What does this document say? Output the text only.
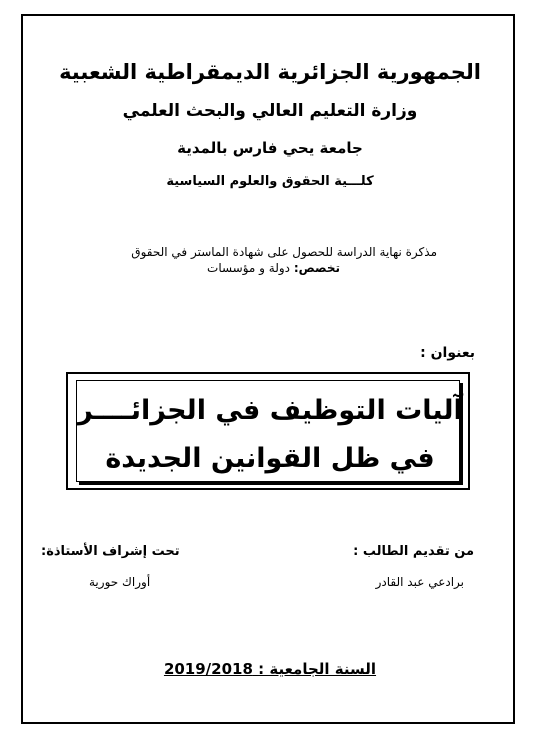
الجمهورية الجزائرية الديمقراطية الشعبية
وزارة التعليم العالي والبحث العلمي
جامعة يحي فارس بالمدية
كلـــية الحقوق والعلوم السياسية
مذكرة نهاية الدراسة للحصول على شهادة الماستر في الحقوق
تخصص: دولة و مؤسسات
بعنوان :
آليات التوظيف في الجزائــــر
في ظل القوانين الجديدة
من تقديم الطالب :
برادعي عبد القادر
تحت إشراف الأستاذة:
أوراك حورية
السنة الجامعية : 2019/2018
